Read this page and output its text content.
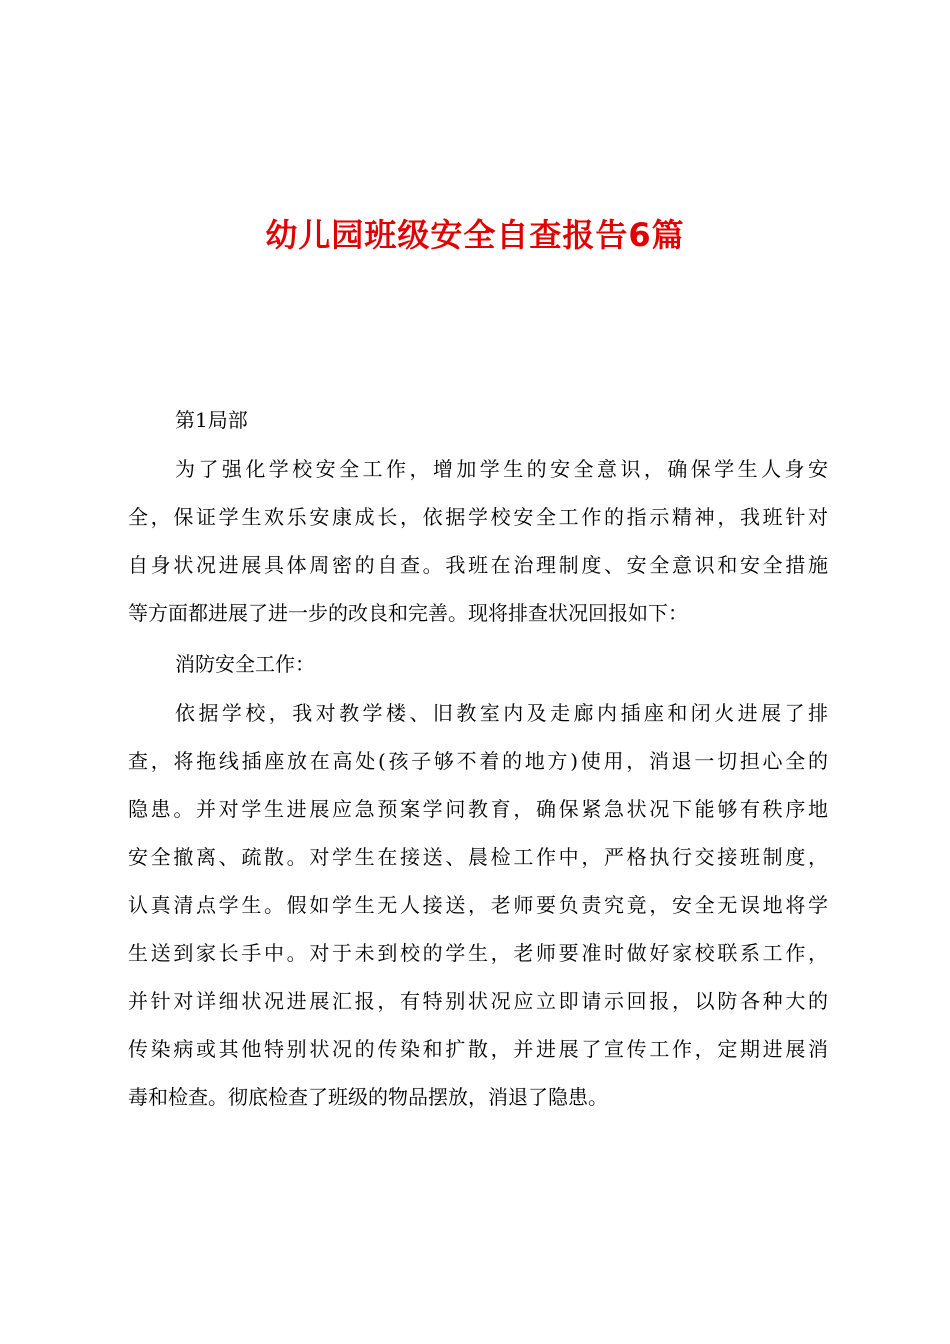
幼儿园班级安全自查报告6篇

第1局部

为了强化学校安全工作，增加学生的安全意识，确保学生人身安
全，保证学生欢乐安康成长，依据学校安全工作的指示精神，我班针对
自身状况进展具体周密的自查。我班在治理制度、安全意识和安全措施
等方面都进展了进一步的改良和完善。现将排查状况回报如下：

消防安全工作：

依据学校，我对教学楼、旧教室内及走廊内插座和闭火进展了排
查，将拖线插座放在高处(孩子够不着的地方)使用，消退一切担心全的
隐患。并对学生进展应急预案学问教育，确保紧急状况下能够有秩序地
安全撤离、疏散。对学生在接送、晨检工作中，严格执行交接班制度，
认真清点学生。假如学生无人接送，老师要负责究竟，安全无误地将学
生送到家长手中。对于未到校的学生，老师要准时做好家校联系工作，
并针对详细状况进展汇报，有特别状况应立即请示回报，以防各种大的
传染病或其他特别状况的传染和扩散，并进展了宣传工作，定期进展消
毒和检查。彻底检查了班级的物品摆放，消退了隐患。
